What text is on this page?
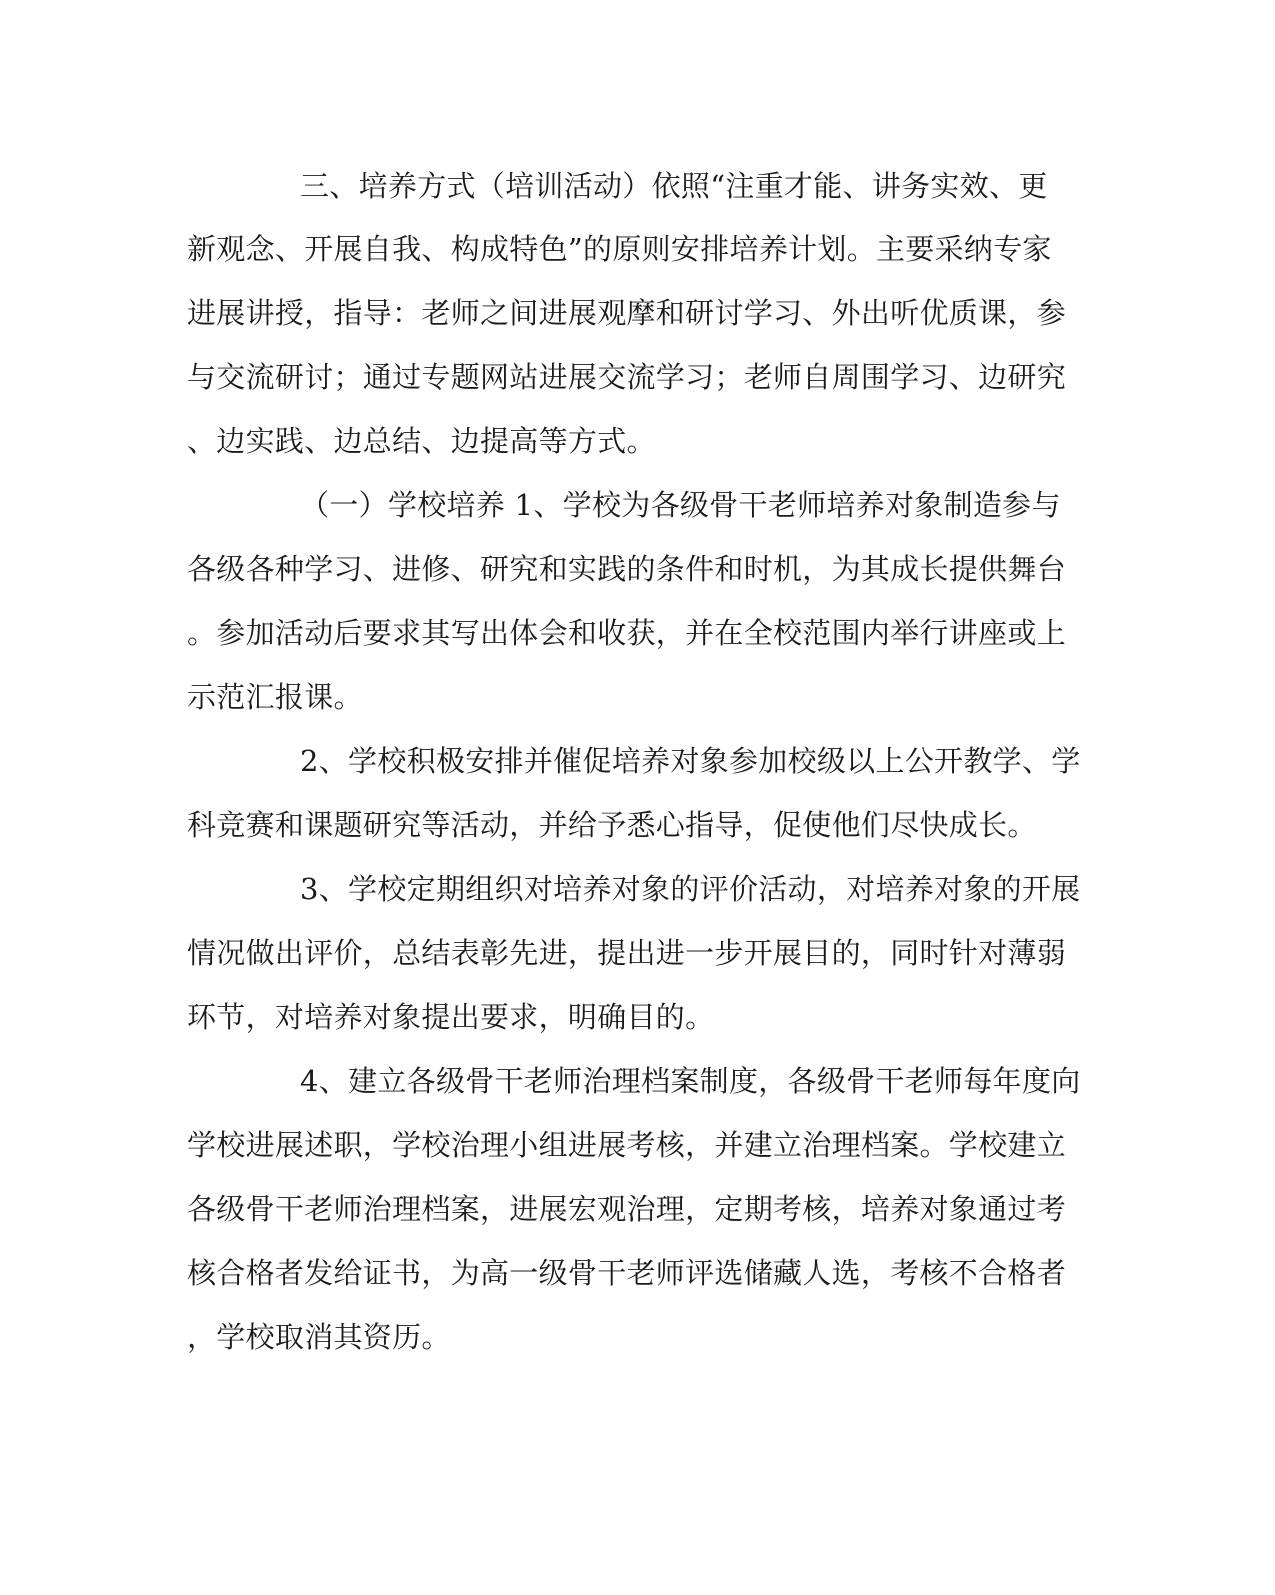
三、培养方式（培训活动）依照“注重才能、讲务实效、更
新观念、开展自我、构成特色”的原则安排培养计划。主要采纳专家
进展讲授，指导：老师之间进展观摩和研讨学习、外出听优质课，参
与交流研讨；通过专题网站进展交流学习；老师自周围学习、边研究
、边实践、边总结、边提高等方式。
（一）学校培养 1、学校为各级骨干老师培养对象制造参与
各级各种学习、进修、研究和实践的条件和时机，为其成长提供舞台
。参加活动后要求其写出体会和收获，并在全校范围内举行讲座或上
示范汇报课。
2、学校积极安排并催促培养对象参加校级以上公开教学、学
科竞赛和课题研究等活动，并给予悉心指导，促使他们尽快成长。
3、学校定期组织对培养对象的评价活动，对培养对象的开展
情况做出评价，总结表彰先进，提出进一步开展目的，同时针对薄弱
环节，对培养对象提出要求，明确目的。
4、建立各级骨干老师治理档案制度，各级骨干老师每年度向
学校进展述职，学校治理小组进展考核，并建立治理档案。学校建立
各级骨干老师治理档案，进展宏观治理，定期考核，培养对象通过考
核合格者发给证书，为高一级骨干老师评选储藏人选，考核不合格者
，学校取消其资历。
